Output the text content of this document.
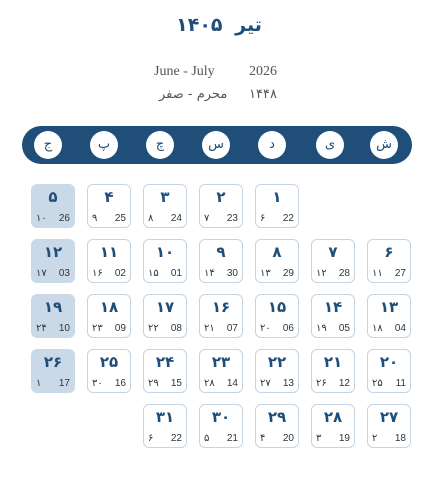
تیر ۱۴۰۵
June - July 2026
محرم - صفر ۱۴۴۸
ش
ی
د
س
چ
پ
ج
۱
22
۶
۲
23
۷
۳
24
۸
۴
25
۹
۵
26
۱۰
۶
27
۱۱
۷
28
۱۲
۸
29
۱۳
۹
30
۱۴
۱۰
01
۱۵
۱۱
02
۱۶
۱۲
03
۱۷
۱۳
04
۱۸
۱۴
05
۱۹
۱۵
06
۲۰
۱۶
07
۲۱
۱۷
08
۲۲
۱۸
09
۲۳
۱۹
10
۲۴
۲۰
11
۲۵
۲۱
12
۲۶
۲۲
13
۲۷
۲۳
14
۲۸
۲۴
15
۲۹
۲۵
16
۳۰
۲۶
17
۱
۲۷
18
۲
۲۸
19
۳
۲۹
20
۴
۳۰
21
۵
۳۱
22
۶
